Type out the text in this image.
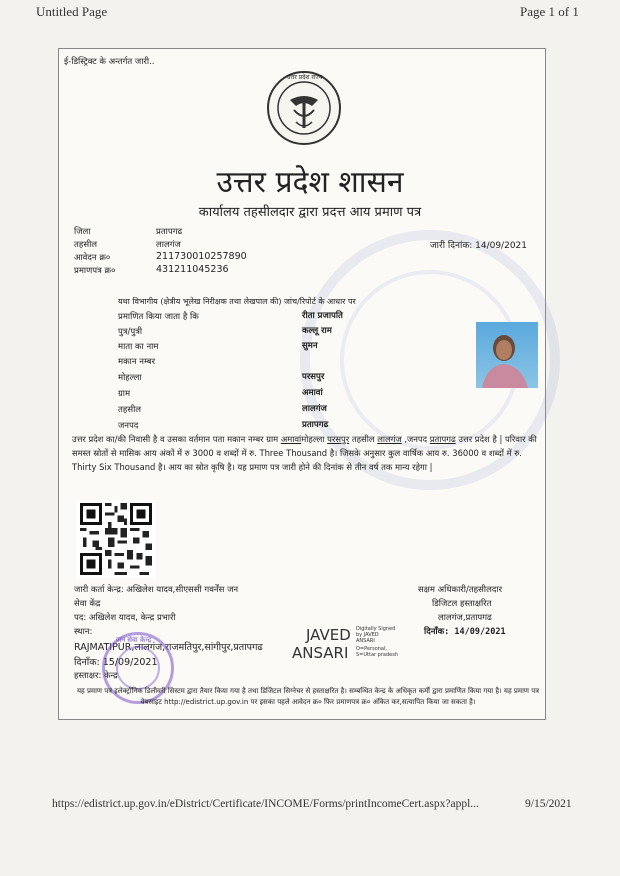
Untitled Page	Page 1 of 1
https://edistrict.up.gov.in/eDistrict/Certificate/INCOME/Forms/printIncomeCert.aspx?appl...	9/15/2021
ई-डिस्ट्रिक्ट के अन्तर्गत जारी..
उत्तर प्रदेश राज्य
उत्तर प्रदेश शासन
कार्यालय तहसीलदार द्वारा प्रदत्त आय प्रमाण पत्र
जिला	प्रतापगढ
तहसील	लालगंज
आवेदन क्र०	211730010257890
प्रमाणपत्र क्र०	431211045236
जारी दिनांक: 14/09/2021
यथा विभागीय (क्षेत्रीय भूलेख निरीक्षक तथा लेखपाल की) जांच/रिपोर्ट के आधार पर
प्रमाणित किया जाता है कि	रीता प्रजापति
पुत्र/पुत्री	कल्लू राम
माता का नाम	सुमन
मकान नम्बर
मोहल्ला	परसपुर
ग्राम	अमावां
तहसील	लालगंज
जनपद	प्रतापगढ
उत्तर प्रदेश का/की निवासी है व उसका वर्तमान पता मकान नम्बर ग्राम अमावांमोहल्ला परसपुर तहसील लालगंज ,जनपद प्रतापगढ उत्तर प्रदेश है | परिवार की समस्त स्रोतों से मासिक आय अंकों में रु 3000 व शब्दों में रु. Three Thousand है। जिसके अनुसार कुल वार्षिक आय रु. 36000 व शब्दों में रु. Thirty Six Thousand है। आय का स्रोत कृषि है। यह प्रमाण पत्र जारी होने की दिनांक से तीन वर्ष तक मान्य रहेगा |
जारी कर्ता केन्द्र: अखिलेश यादव,सीएससी गवर्नेंस जन
सेवा केंद्र
पद: अखिलेश यादव, केन्द्र प्रभारी
स्थान:
RAJMATIPUR,लालगंज,राजमतिपुर,सांगीपुर,प्रतापगढ
दिनाँक: 15/09/2021
हस्ताक्षर: केन्द्र
जन सेवा केन्द्र	JAVED
ANSARI
Digitally Signed
by JAVED
ANSARI
O=Personal,
S=Uttar pradesh
सक्षम अधिकारी/तहसीलदार
डिजिटल हस्ताक्षरित
लालगंज,प्रतापगढ
दिनाँक: 14/09/2021
यह प्रमाण पत्र इलेक्ट्रॉनिक डिलीवरी सिस्टम द्वारा तैयार किया गया है तथा डिजिटल सिग्नेचर से हस्ताक्षरित है। सम्बन्धित केन्द्र के अधिकृत कर्मी द्वारा प्रमाणित किया गया है। यह प्रमाण पत्र वेबसाइट http://edistrict.up.gov.in पर इसका पहले आवेदन क्र० फिर प्रमाणपत्र क्र० अंकित कर,सत्यापित किया जा सकता है।
